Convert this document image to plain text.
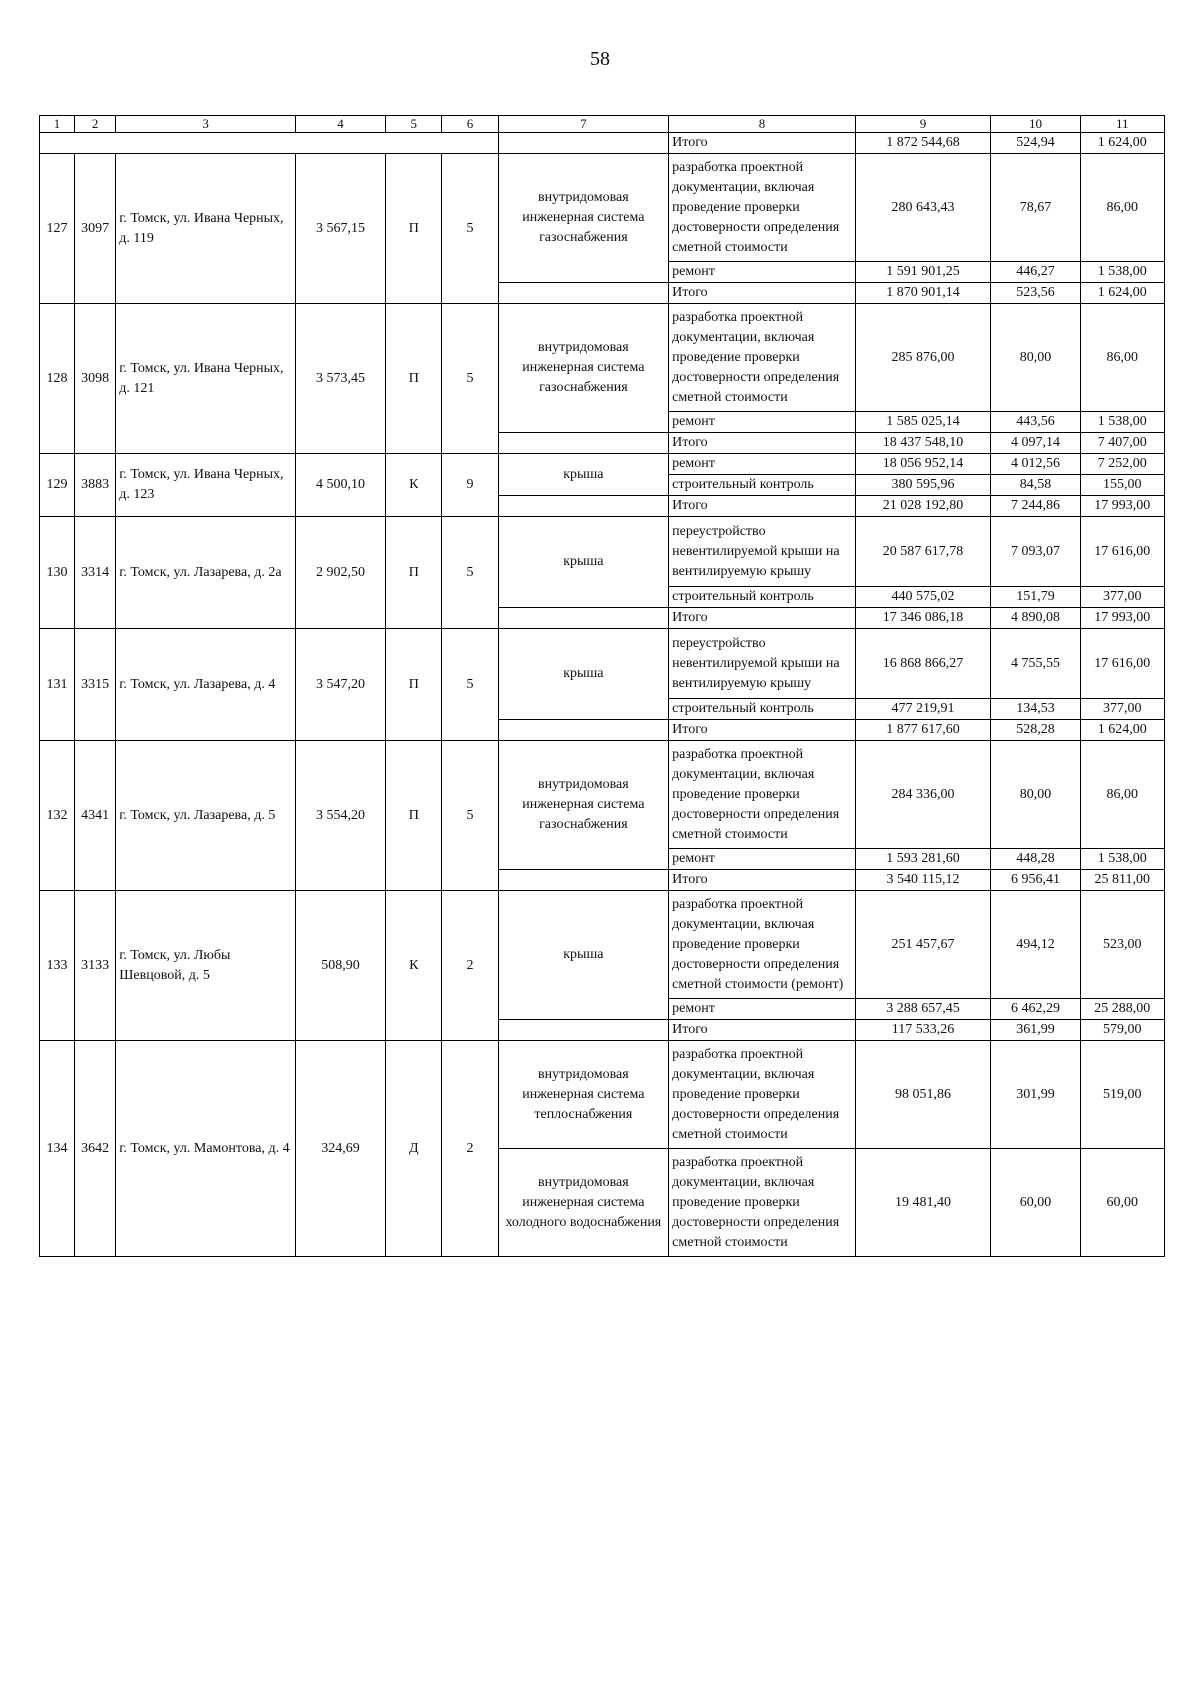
58
1	2	3	4	5	6	7	8	9	10	11
							Итого	1 872 544,68	524,94	1 624,00
127	3097	г. Томск, ул. Ивана Черных, д. 119	3 567,15	П	5	внутридомовая инженерная система газоснабжения	разработка проектной документации, включая проведение проверки достоверности определения сметной стоимости	280 643,43	78,67	86,00
							ремонт	1 591 901,25	446,27	1 538,00
							Итого	1 870 901,14	523,56	1 624,00
128	3098	г. Томск, ул. Ивана Черных, д. 121	3 573,45	П	5	внутридомовая инженерная система газоснабжения	разработка проектной документации, включая проведение проверки достоверности определения сметной стоимости	285 876,00	80,00	86,00
							ремонт	1 585 025,14	443,56	1 538,00
							Итого	18 437 548,10	4 097,14	7 407,00
129	3883	г. Томск, ул. Ивана Черных, д. 123	4 500,10	К	9	крыша	ремонт	18 056 952,14	4 012,56	7 252,00
							строительный контроль	380 595,96	84,58	155,00
							Итого	21 028 192,80	7 244,86	17 993,00
130	3314	г. Томск, ул. Лазарева, д. 2а	2 902,50	П	5	крыша	переустройство невентилируемой крыши на вентилируемую крышу	20 587 617,78	7 093,07	17 616,00
							строительный контроль	440 575,02	151,79	377,00
							Итого	17 346 086,18	4 890,08	17 993,00
131	3315	г. Томск, ул. Лазарева, д. 4	3 547,20	П	5	крыша	переустройство невентилируемой крыши на вентилируемую крышу	16 868 866,27	4 755,55	17 616,00
							строительный контроль	477 219,91	134,53	377,00
							Итого	1 877 617,60	528,28	1 624,00
132	4341	г. Томск, ул. Лазарева, д. 5	3 554,20	П	5	внутридомовая инженерная система газоснабжения	разработка проектной документации, включая проведение проверки достоверности определения сметной стоимости	284 336,00	80,00	86,00
							ремонт	1 593 281,60	448,28	1 538,00
							Итого	3 540 115,12	6 956,41	25 811,00
133	3133	г. Томск, ул. Любы Шевцовой, д. 5	508,90	К	2	крыша	разработка проектной документации, включая проведение проверки достоверности определения сметной стоимости (ремонт)	251 457,67	494,12	523,00
							ремонт	3 288 657,45	6 462,29	25 288,00
							Итого	117 533,26	361,99	579,00
134	3642	г. Томск, ул. Мамонтова, д. 4	324,69	Д	2	внутридомовая инженерная система теплоснабжения	разработка проектной документации, включая проведение проверки достоверности определения сметной стоимости	98 051,86	301,99	519,00
						внутридомовая инженерная система холодного водоснабжения	разработка проектной документации, включая проведение проверки достоверности определения сметной стоимости	19 481,40	60,00	60,00
